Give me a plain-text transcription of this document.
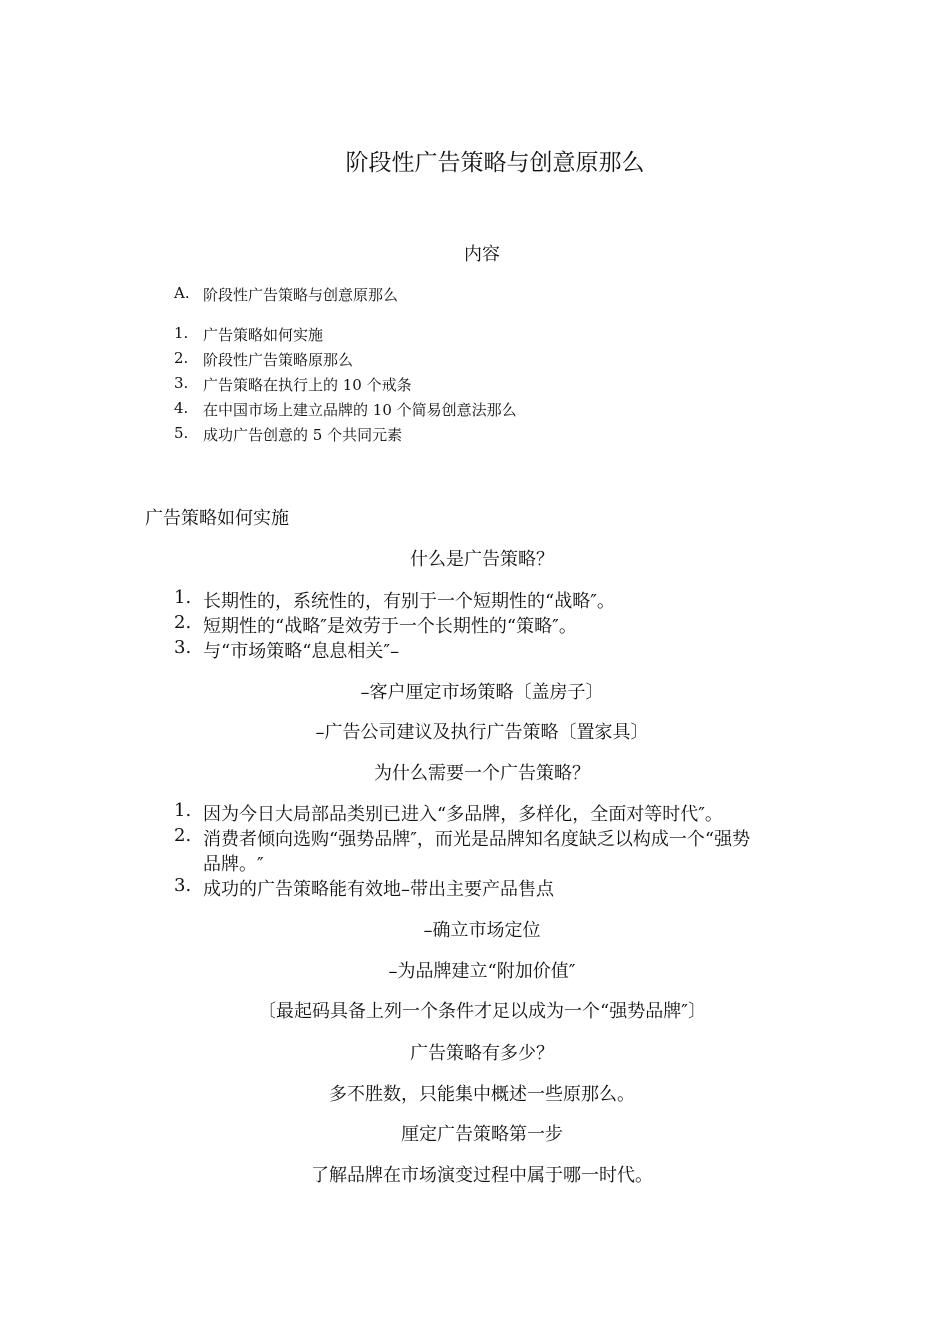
阶段性广告策略与创意原那么
内容
A. 阶段性广告策略与创意原那么
1. 广告策略如何实施
2. 阶段性广告策略原那么
3. 广告策略在执行上的 10 个戒条
4. 在中国市场上建立品牌的 10 个简易创意法那么
5. 成功广告创意的 5 个共同元素
广告策略如何实施
什么是广告策略？
1. 长期性的，系统性的，有别于一个短期性的“战略″。
2. 短期性的“战略″是效劳于一个长期性的“策略″。
3. 与“市场策略“息息相关″–
–客户厘定市场策略〔盖房子〕
–广告公司建议及执行广告策略〔置家具〕
为什么需要一个广告策略？
1. 因为今日大局部品类别已进入“多品牌，多样化，全面对等时代″。
2. 消费者倾向选购“强势品牌″，而光是品牌知名度缺乏以构成一个“强势
品牌。″
3. 成功的广告策略能有效地–带出主要产品售点
–确立市场定位
–为品牌建立“附加价值″
〔最起码具备上列一个条件才足以成为一个“强势品牌″〕
广告策略有多少？
多不胜数，只能集中概述一些原那么。
厘定广告策略第一步
了解品牌在市场演变过程中属于哪一时代。
